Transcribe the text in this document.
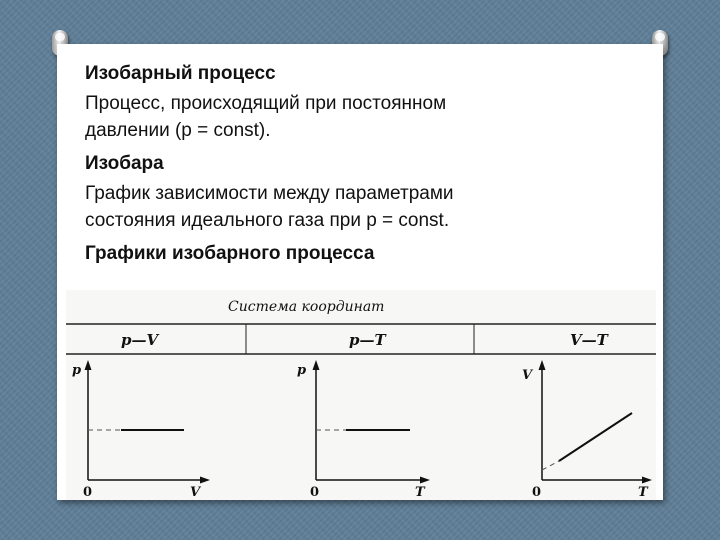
Изобарный процесс

Процесс, происходящий при постоянном
давлении (p = const).

Изобара

График зависимости между параметрами
состояния идеального газа при p = const.

Графики изобарного процесса

Система координат
p—V	p—T	V—T
p
V
0
p
T
0
V
T
0
